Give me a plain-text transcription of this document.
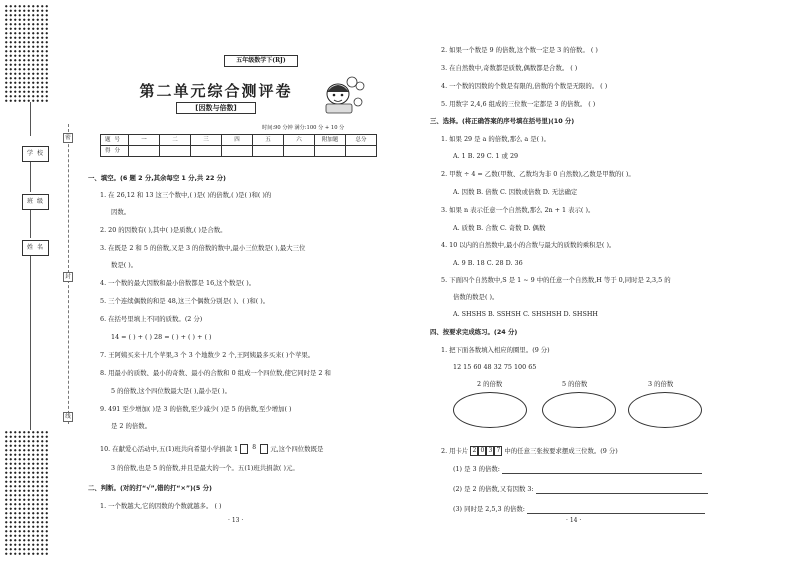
学 校
班 级
姓 名
密
封
线
五年级数学下(RJ)
第二单元综合测评卷
[因数与倍数]
时间:90 分钟 满分:100 分 + 10 分
题号	一	二	三	四	五	六	附加题	总分
得分								
一、填空。(6 题 2 分,其余每空 1 分,共 22 分)
1. 在 26,12 和 13 这三个数中,( )是( )的倍数,( )是( )和( )的
因数。
2. 20 的因数有( ),其中( )是质数,( )是合数。
3. 在既是 2 和 5 的倍数,又是 3 的倍数的数中,最小三位数是( ),最大三位
数是( )。
4. 一个数的最大因数和最小倍数都是 16,这个数是( )。
5. 三个连续偶数的和是 48,这三个偶数分别是( )、( )和( )。
6. 在括号里填上不同的质数。(2 分)
14 = ( ) + ( ) 28 = ( ) + ( ) + ( )
7. 王阿姨买来十几个苹果,3 个 3 个地数少 2 个,王阿姨最多买来( )个苹果。
8. 用最小的质数、最小的奇数、最小的合数和 0 组成一个四位数,使它同时是 2 和
5 的倍数,这个四位数最大是( ),最小是( )。
9. 491 至少增加( )是 3 的倍数,至少减少( )是 5 的倍数,至少增加( )
是 2 的倍数。
10. 在献爱心活动中,五(1)班共向希望小学捐款 1 8 元,这个四位数既是
3 的倍数,也是 5 的倍数,并且是最大的一个。五(1)班共捐款( )元。
二、判断。(对的打“√”,错的打“×”)(5 分)
1. 一个数越大,它的因数的个数就越多。 ( )
· 13 ·
2. 如果一个数是 9 的倍数,这个数一定是 3 的倍数。 ( )
3. 在自然数中,奇数都是质数,偶数都是合数。 ( )
4. 一个数的因数的个数是有限的,倍数的个数是无限的。 ( )
5. 用数字 2,4,6 组成的三位数一定都是 3 的倍数。 ( )
三、选择。(将正确答案的序号填在括号里)(10 分)
1. 如果 29 是 a 的倍数,那么 a 是( )。
A. 1 B. 29 C. 1 或 29
2. 甲数 ÷ 4 = 乙数(甲数、乙数均为非 0 自然数),乙数是甲数的( )。
A. 因数 B. 倍数 C. 因数或倍数 D. 无法确定
3. 如果 n 表示任意一个自然数,那么 2n + 1 表示( )。
A. 质数 B. 合数 C. 奇数 D. 偶数
4. 10 以内的自然数中,最小的合数与最大的质数的乘积是( )。
A. 9 B. 18 C. 28 D. 36
5. 下面四个自然数中,S 是 1 ~ 9 中的任意一个自然数,H 等于 0,同时是 2,3,5 的
倍数的数是( )。
A. SHSHS B. SSHSH C. SHSHSH D. SHSHH
四、按要求完成练习。(24 分)
1. 把下面各数填入相应的圈里。(9 分)
12 15 60 48 32 75 100 65
2 的倍数	5 的倍数	3 的倍数
2. 用卡片 2 0 3 7 中的任意三张按要求摆成三位数。(9 分)
(1) 是 3 的倍数:
(2) 是 2 的倍数,又有因数 3:
(3) 同时是 2,5,3 的倍数:
· 14 ·
